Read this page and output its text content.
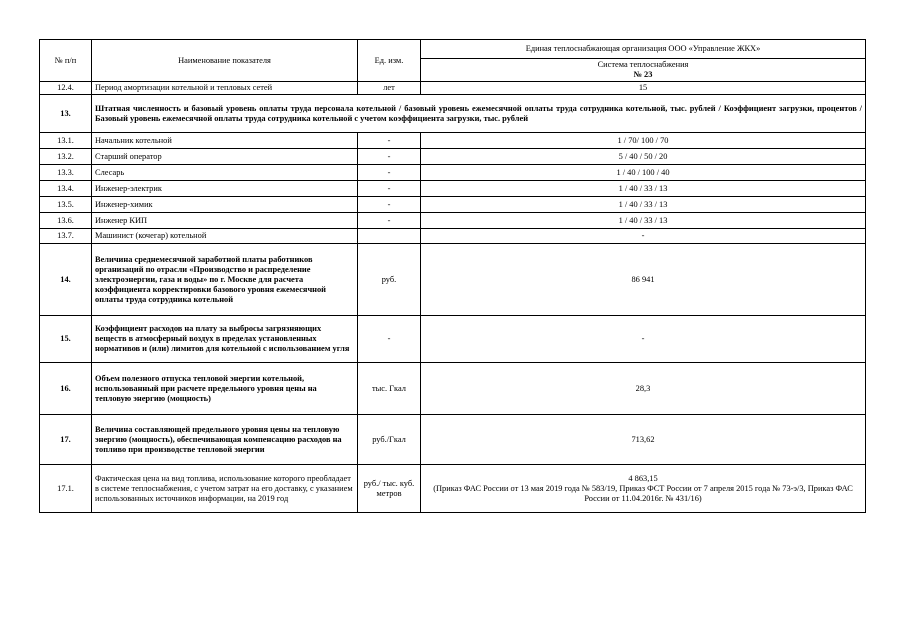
№ п/п	Наименование показателя	Ед. изм.	Единая теплоснабжающая организация ООО «Управление ЖКХ»

			Система теплоснабжения
№ 23

12.4.	Период амортизации котельной и тепловых сетей	лет	15
13.	Штатная численность и базовый уровень оплаты труда персонала котельной / базовый уровень ежемесячной оплаты труда сотрудника котельной, тыс. рублей / Коэффициент загрузки, процентов / Базовый уровень ежемесячной оплаты труда сотрудника котельной с учетом коэффициента загрузки, тыс. рублей		
13.1.	Начальник котельной	-	1 / 70/ 100 / 70
13.2.	Старший оператор	-	5 / 40 / 50 / 20
13.3.	Слесарь	-	1 / 40 / 100 / 40
13.4.	Инженер-электрик	-	1 / 40 / 33 / 13
13.5.	Инженер-химик	-	1 / 40 / 33 / 13
13.6.	Инженер КИП	-	1 / 40 / 33 / 13
13.7.	Машинист (кочегар) котельной		-
14.	Величина среднемесячной заработной платы работников организаций по отрасли «Производство и распределение электроэнергии, газа и воды» по г. Москве для расчета коэффициента корректировки базового уровня ежемесячной оплаты труда сотрудника котельной	руб.	86 941
15.	Коэффициент расходов на плату за выбросы загрязняющих веществ в атмосферный воздух в пределах установленных нормативов и (или) лимитов для котельной с использованием угля	-	-
16.	Объем полезного отпуска тепловой энергии котельной, использованный при расчете предельного уровня цены на тепловую энергию (мощность)	тыс. Гкал	28,3
17.	Величина составляющей предельного уровня цены на тепловую энергию (мощность), обеспечивающая компенсацию расходов на топливо при производстве тепловой энергии	руб./Гкал	713,62
17.1.	Фактическая цена на вид топлива, использование которого преобладает в системе теплоснабжения, с учетом затрат на его доставку, с указанием использованных источников информации, на 2019 год	руб./ тыс. куб. метров	4 863,15
(Приказ ФАС России от 13 мая 2019 года № 583/19, Приказ ФСТ России от 7 апреля 2015 года № 73-э/3, Приказ ФАС России от 11.04.2016г. № 431/16)
